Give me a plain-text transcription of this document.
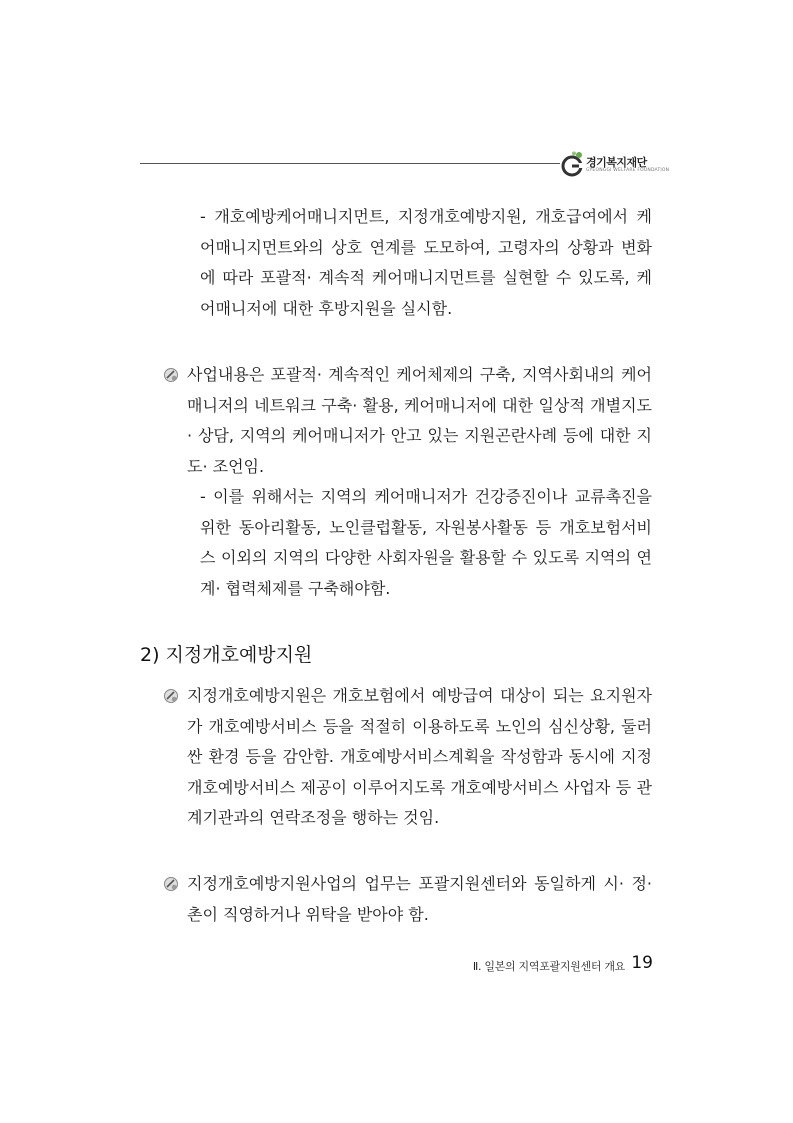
경기복지재단
GYEONGGI WELFARE FOUNDATION
- 개호예방케어매니지먼트, 지정개호예방지원, 개호급여에서 케어매니지먼트와의 상호 연계를 도모하여, 고령자의 상황과 변화에 따라 포괄적· 계속적 케어매니지먼트를 실현할 수 있도록, 케어매니저에 대한 후방지원을 실시함.
사업내용은 포괄적· 계속적인 케어체제의 구축, 지역사회내의 케어매니저의 네트워크 구축· 활용, 케어매니저에 대한 일상적 개별지도· 상담, 지역의 케어매니저가 안고 있는 지원곤란사례 등에 대한 지도· 조언임.
- 이를 위해서는 지역의 케어매니저가 건강증진이나 교류촉진을 위한 동아리활동, 노인클럽활동, 자원봉사활동 등 개호보험서비스 이외의 지역의 다양한 사회자원을 활용할 수 있도록 지역의 연계· 협력체제를 구축해야함.
2) 지정개호예방지원
지정개호예방지원은 개호보험에서 예방급여 대상이 되는 요지원자가 개호예방서비스 등을 적절히 이용하도록 노인의 심신상황, 둘러싼 환경 등을 감안함. 개호예방서비스계획을 작성함과 동시에 지정개호예방서비스 제공이 이루어지도록 개호예방서비스 사업자 등 관계기관과의 연락조정을 행하는 것임.
지정개호예방지원사업의 업무는 포괄지원센터와 동일하게 시· 정· 촌이 직영하거나 위탁을 받아야 함.
Ⅱ. 일본의 지역포괄지원센터 개요 19
